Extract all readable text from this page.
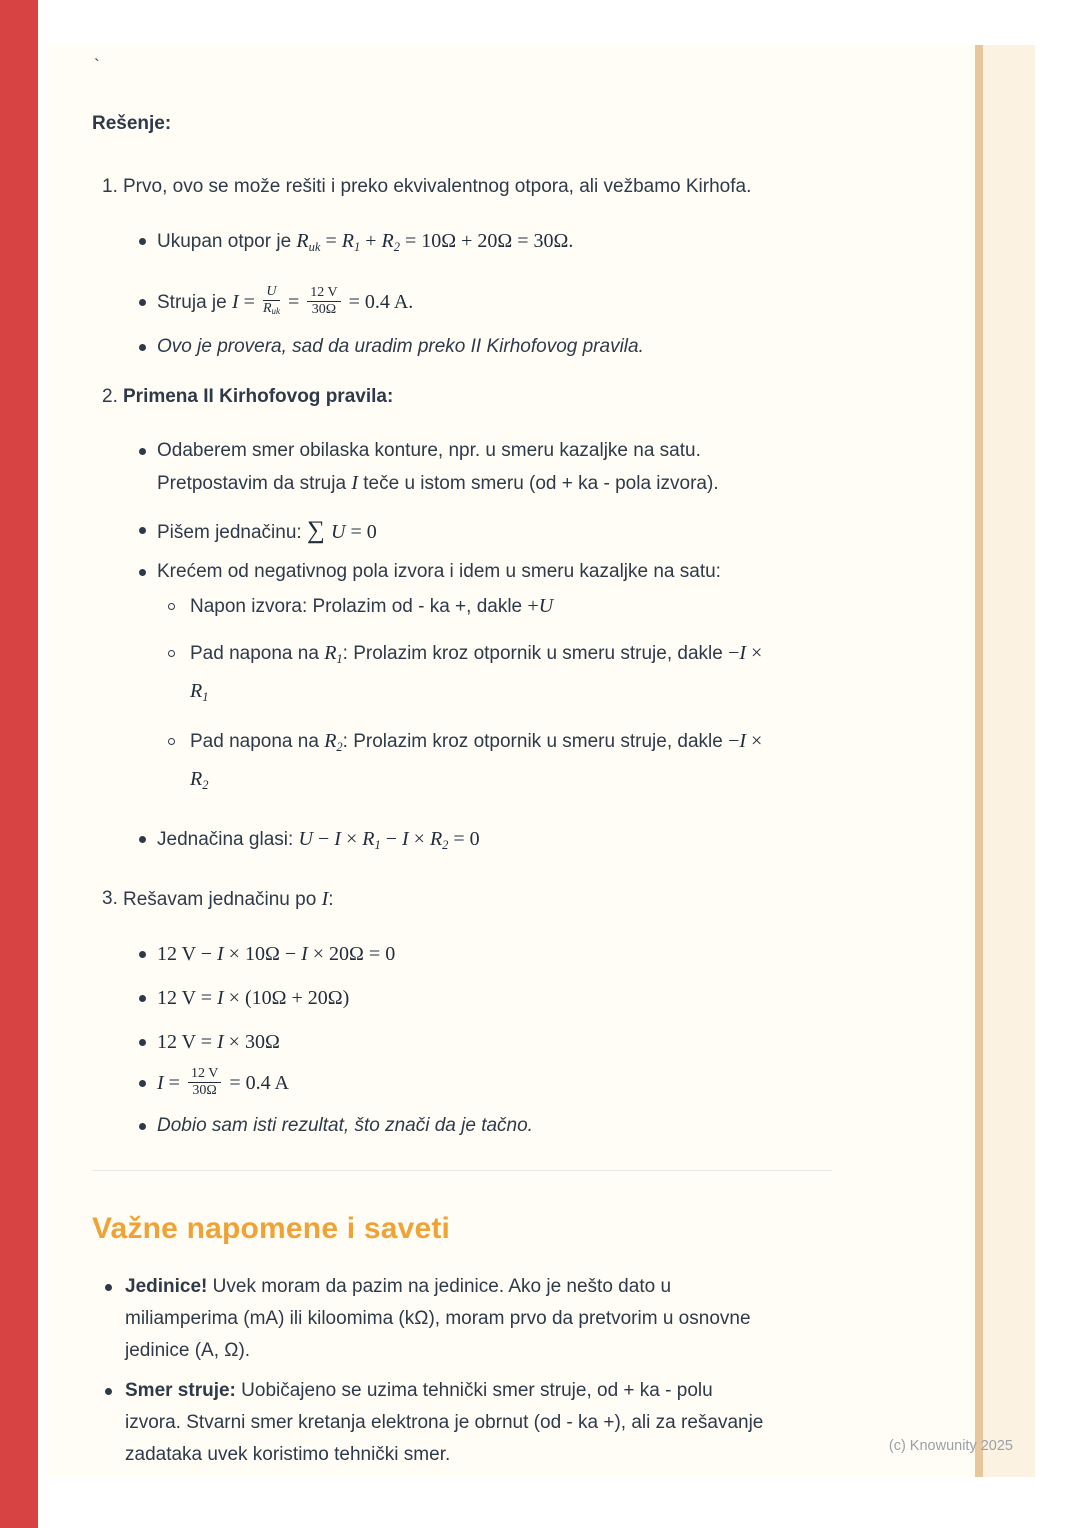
(c) Knowunity 2025
`
Rešenje:
1. Prvo, ovo se može rešiti i preko ekvivalentnog otpora, ali vežbamo Kirhofa.
Ukupan otpor je $R_{uk} = R_1 + R_2 = 10\Omega + 20\Omega = 30\Omega$.
Struja je $I = \frac{U}{\text{Ruk}} = \frac{12 V}{30\Omega} = 0.4$ A.
Ovo je provera, sad da uradim preko II Kirhofovog pravila.
2. Primena II Kirhofovog pravila:
Odaberem smer obilaska konture, npr. u smeru kazaljke na satu.
Pretpostavim da struja I teče u istom smeru (od + ka - pola izvora).
Pišem jednačinu: ∑ U = 0
Krećem od negativnog pola izvora i idem u smeru kazaljke na satu:
Napon izvora: Prolazim od - ka +, dakle +U
Pad napona na $R_1$: Prolazim kroz otpornik u smeru struje, dakle −I ×
$R_1$
Pad napona na $R_2$: Prolazim kroz otpornik u smeru struje, dakle −I ×
$R_2$
Jednačina glasi: $U - I \times R_1 - I \times R_2 = 0$
3. Rešavam jednačinu po I:
12 V − I × 10Ω − I × 20Ω = 0
12 V = I × (10Ω + 20Ω)
12 V = I × 30Ω
$I = \frac{12 V}{30\Omega} = 0.4$ A
Dobio sam isti rezultat, što znači da je tačno.
Važne napomene i saveti
Jedinice! Uvek moram da pazim na jedinice. Ako je nešto dato u
miliamperima (mA) ili kiloomima (kΩ), moram prvo da pretvorim u osnovne
jedinice (A, Ω).
Smer struje: Uobičajeno se uzima tehnički smer struje, od + ka - polu
izvora. Stvarni smer kretanja elektrona je obrnut (od - ka +), ali za rešavanje
zadataka uvek koristimo tehnički smer.
